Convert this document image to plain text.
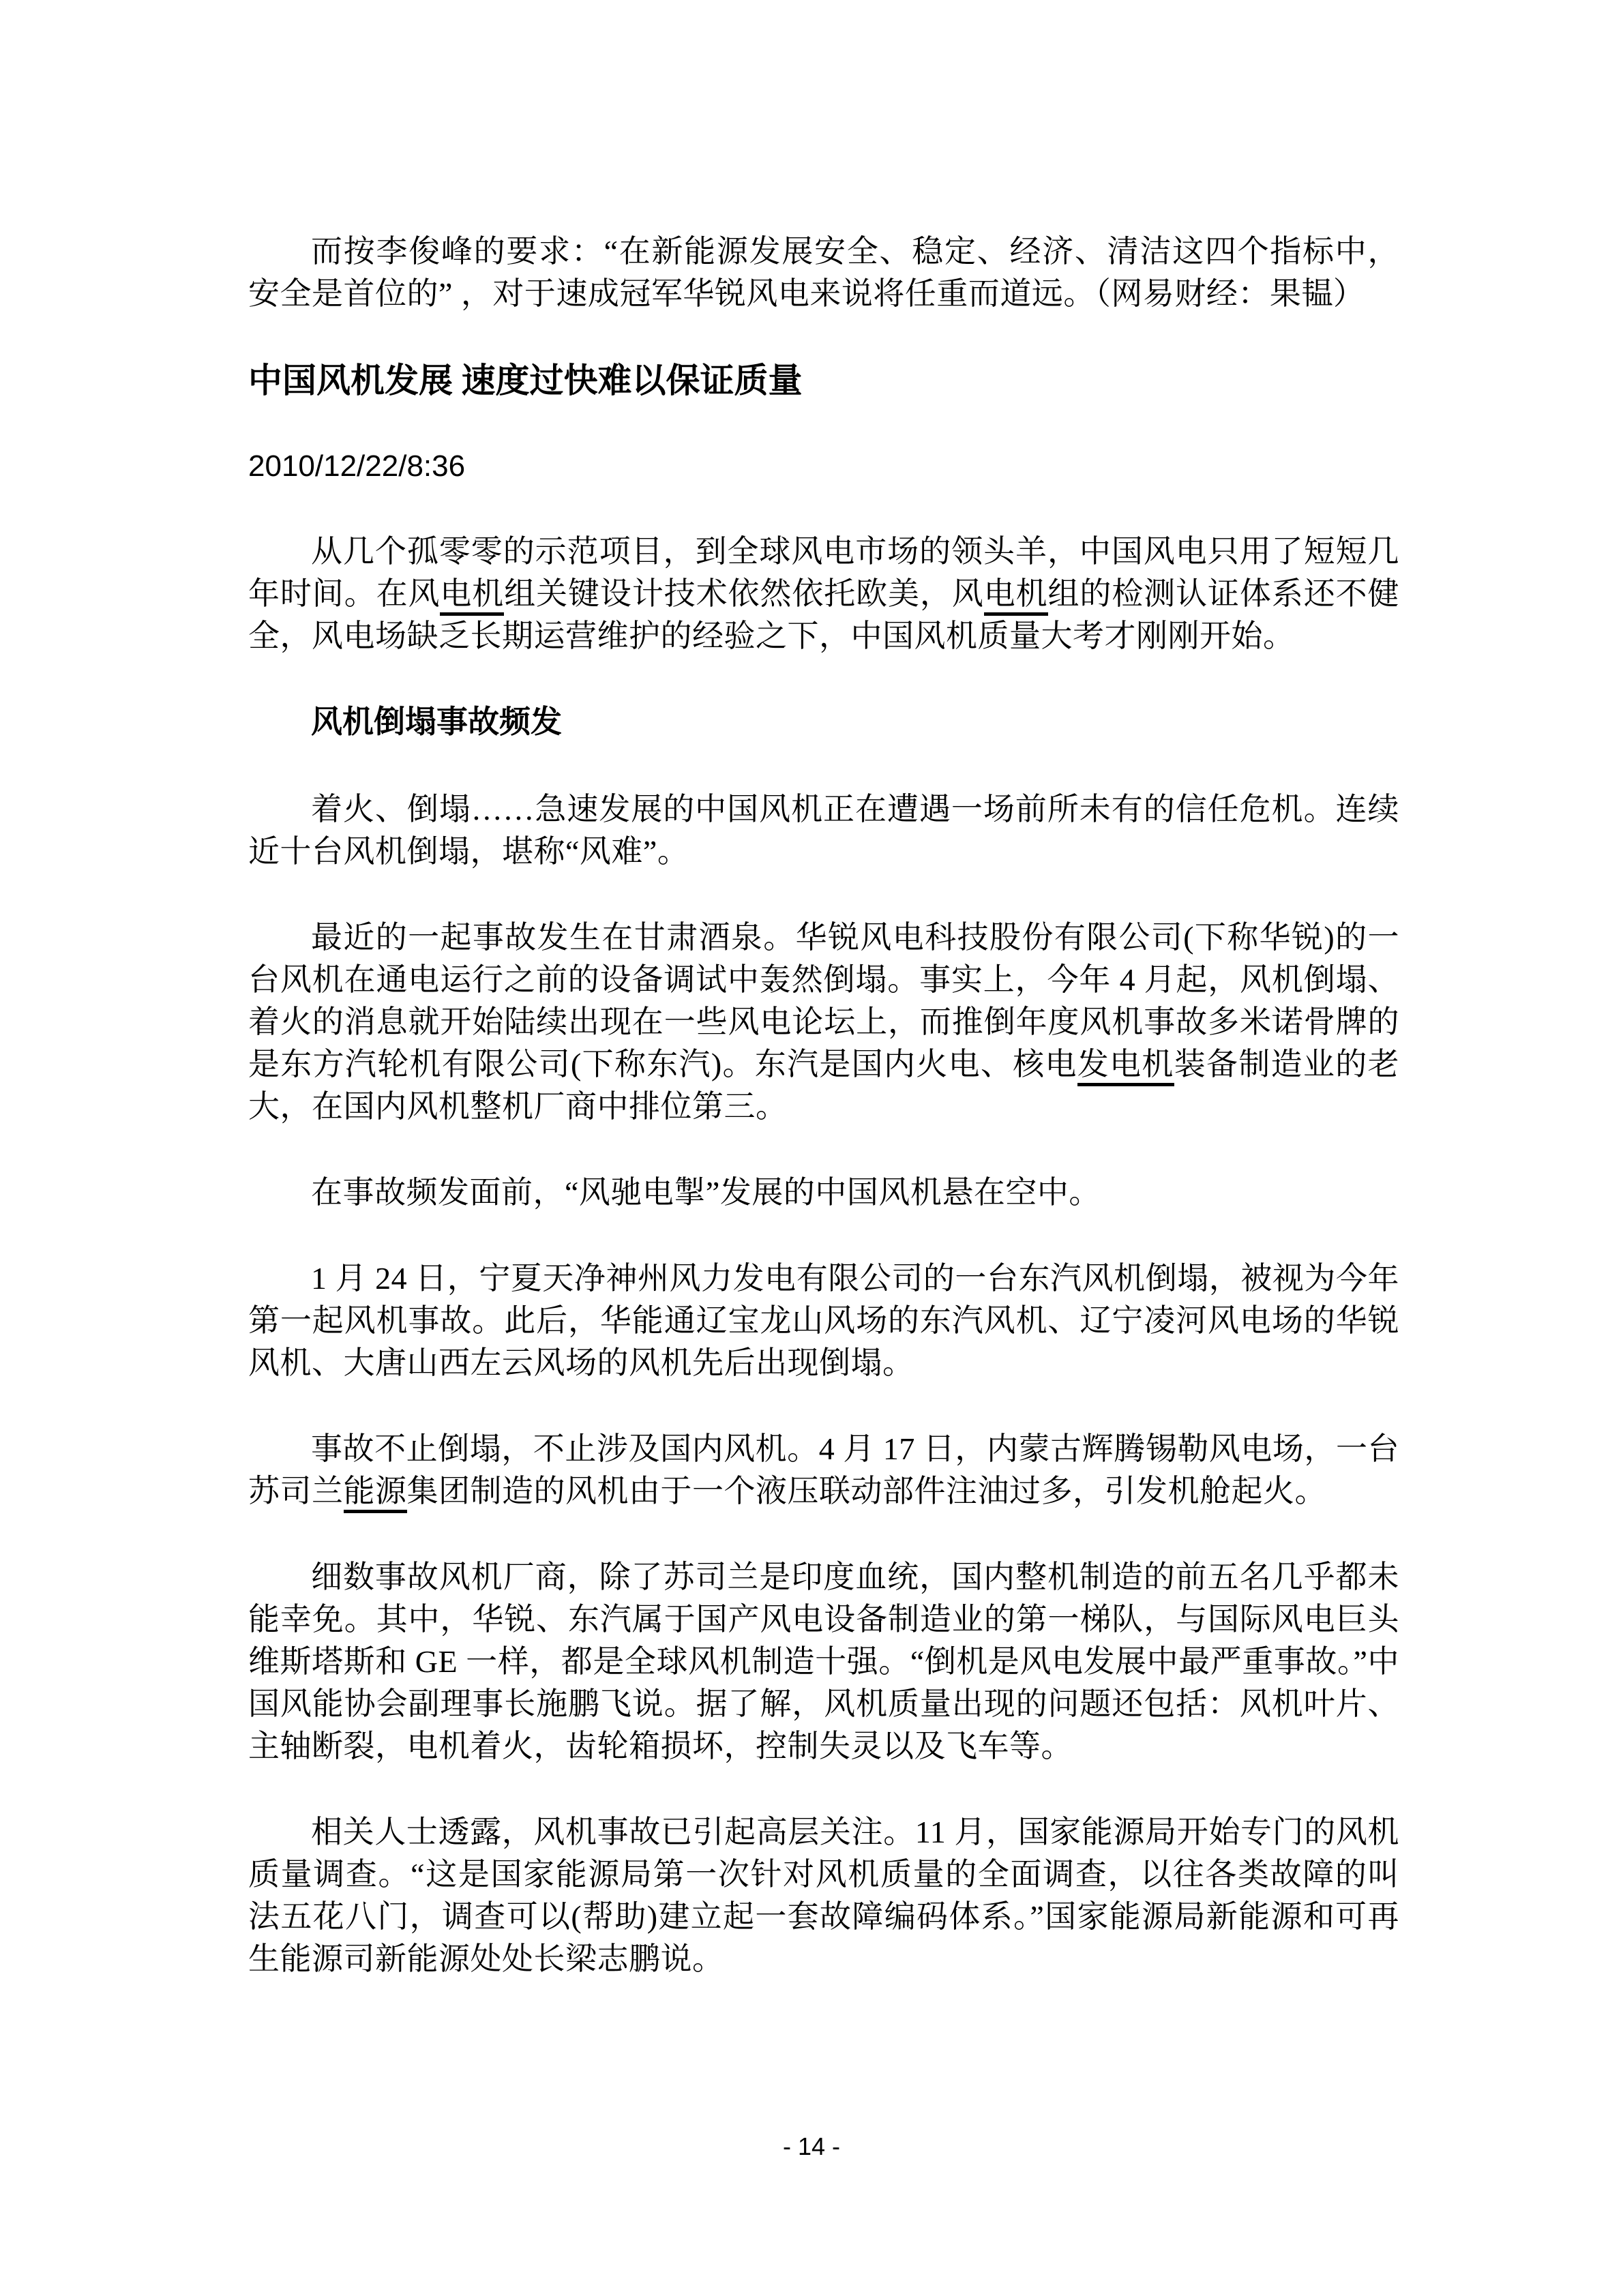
而按李俊峰的要求：“在新能源发展安全、稳定、经济、清洁这四个指标中，安全是首位的” ，对于速成冠军华锐风电来说将任重而道远。（网易财经：果韫）

中国风机发展 速度过快难以保证质量

2010/12/22/8:36

从几个孤零零的示范项目，到全球风电市场的领头羊，中国风电只用了短短几年时间。在风电机组关键设计技术依然依托欧美，风电机组的检测认证体系还不健全，风电场缺乏长期运营维护的经验之下，中国风机质量大考才刚刚开始。

风机倒塌事故频发

着火、倒塌……急速发展的中国风机正在遭遇一场前所未有的信任危机。连续近十台风机倒塌，堪称“风难”。

最近的一起事故发生在甘肃酒泉。华锐风电科技股份有限公司(下称华锐)的一台风机在通电运行之前的设备调试中轰然倒塌。事实上，今年 4 月起，风机倒塌、着火的消息就开始陆续出现在一些风电论坛上，而推倒年度风机事故多米诺骨牌的是东方汽轮机有限公司(下称东汽)。东汽是国内火电、核电发电机装备制造业的老大，在国内风机整机厂商中排位第三。

在事故频发面前，“风驰电掣”发展的中国风机悬在空中。

1 月 24 日，宁夏天净神州风力发电有限公司的一台东汽风机倒塌，被视为今年第一起风机事故。此后，华能通辽宝龙山风场的东汽风机、辽宁凌河风电场的华锐风机、大唐山西左云风场的风机先后出现倒塌。

事故不止倒塌，不止涉及国内风机。4 月 17 日，内蒙古辉腾锡勒风电场，一台苏司兰能源集团制造的风机由于一个液压联动部件注油过多，引发机舱起火。

细数事故风机厂商，除了苏司兰是印度血统，国内整机制造的前五名几乎都未能幸免。其中，华锐、东汽属于国产风电设备制造业的第一梯队，与国际风电巨头维斯塔斯和 GE 一样，都是全球风机制造十强。“倒机是风电发展中最严重事故。”中国风能协会副理事长施鹏飞说。据了解，风机质量出现的问题还包括：风机叶片、主轴断裂，电机着火，齿轮箱损坏，控制失灵以及飞车等。

相关人士透露，风机事故已引起高层关注。11 月，国家能源局开始专门的风机质量调查。“这是国家能源局第一次针对风机质量的全面调查，以往各类故障的叫法五花八门，调查可以(帮助)建立起一套故障编码体系。”国家能源局新能源和可再生能源司新能源处处长梁志鹏说。

- 14 -
